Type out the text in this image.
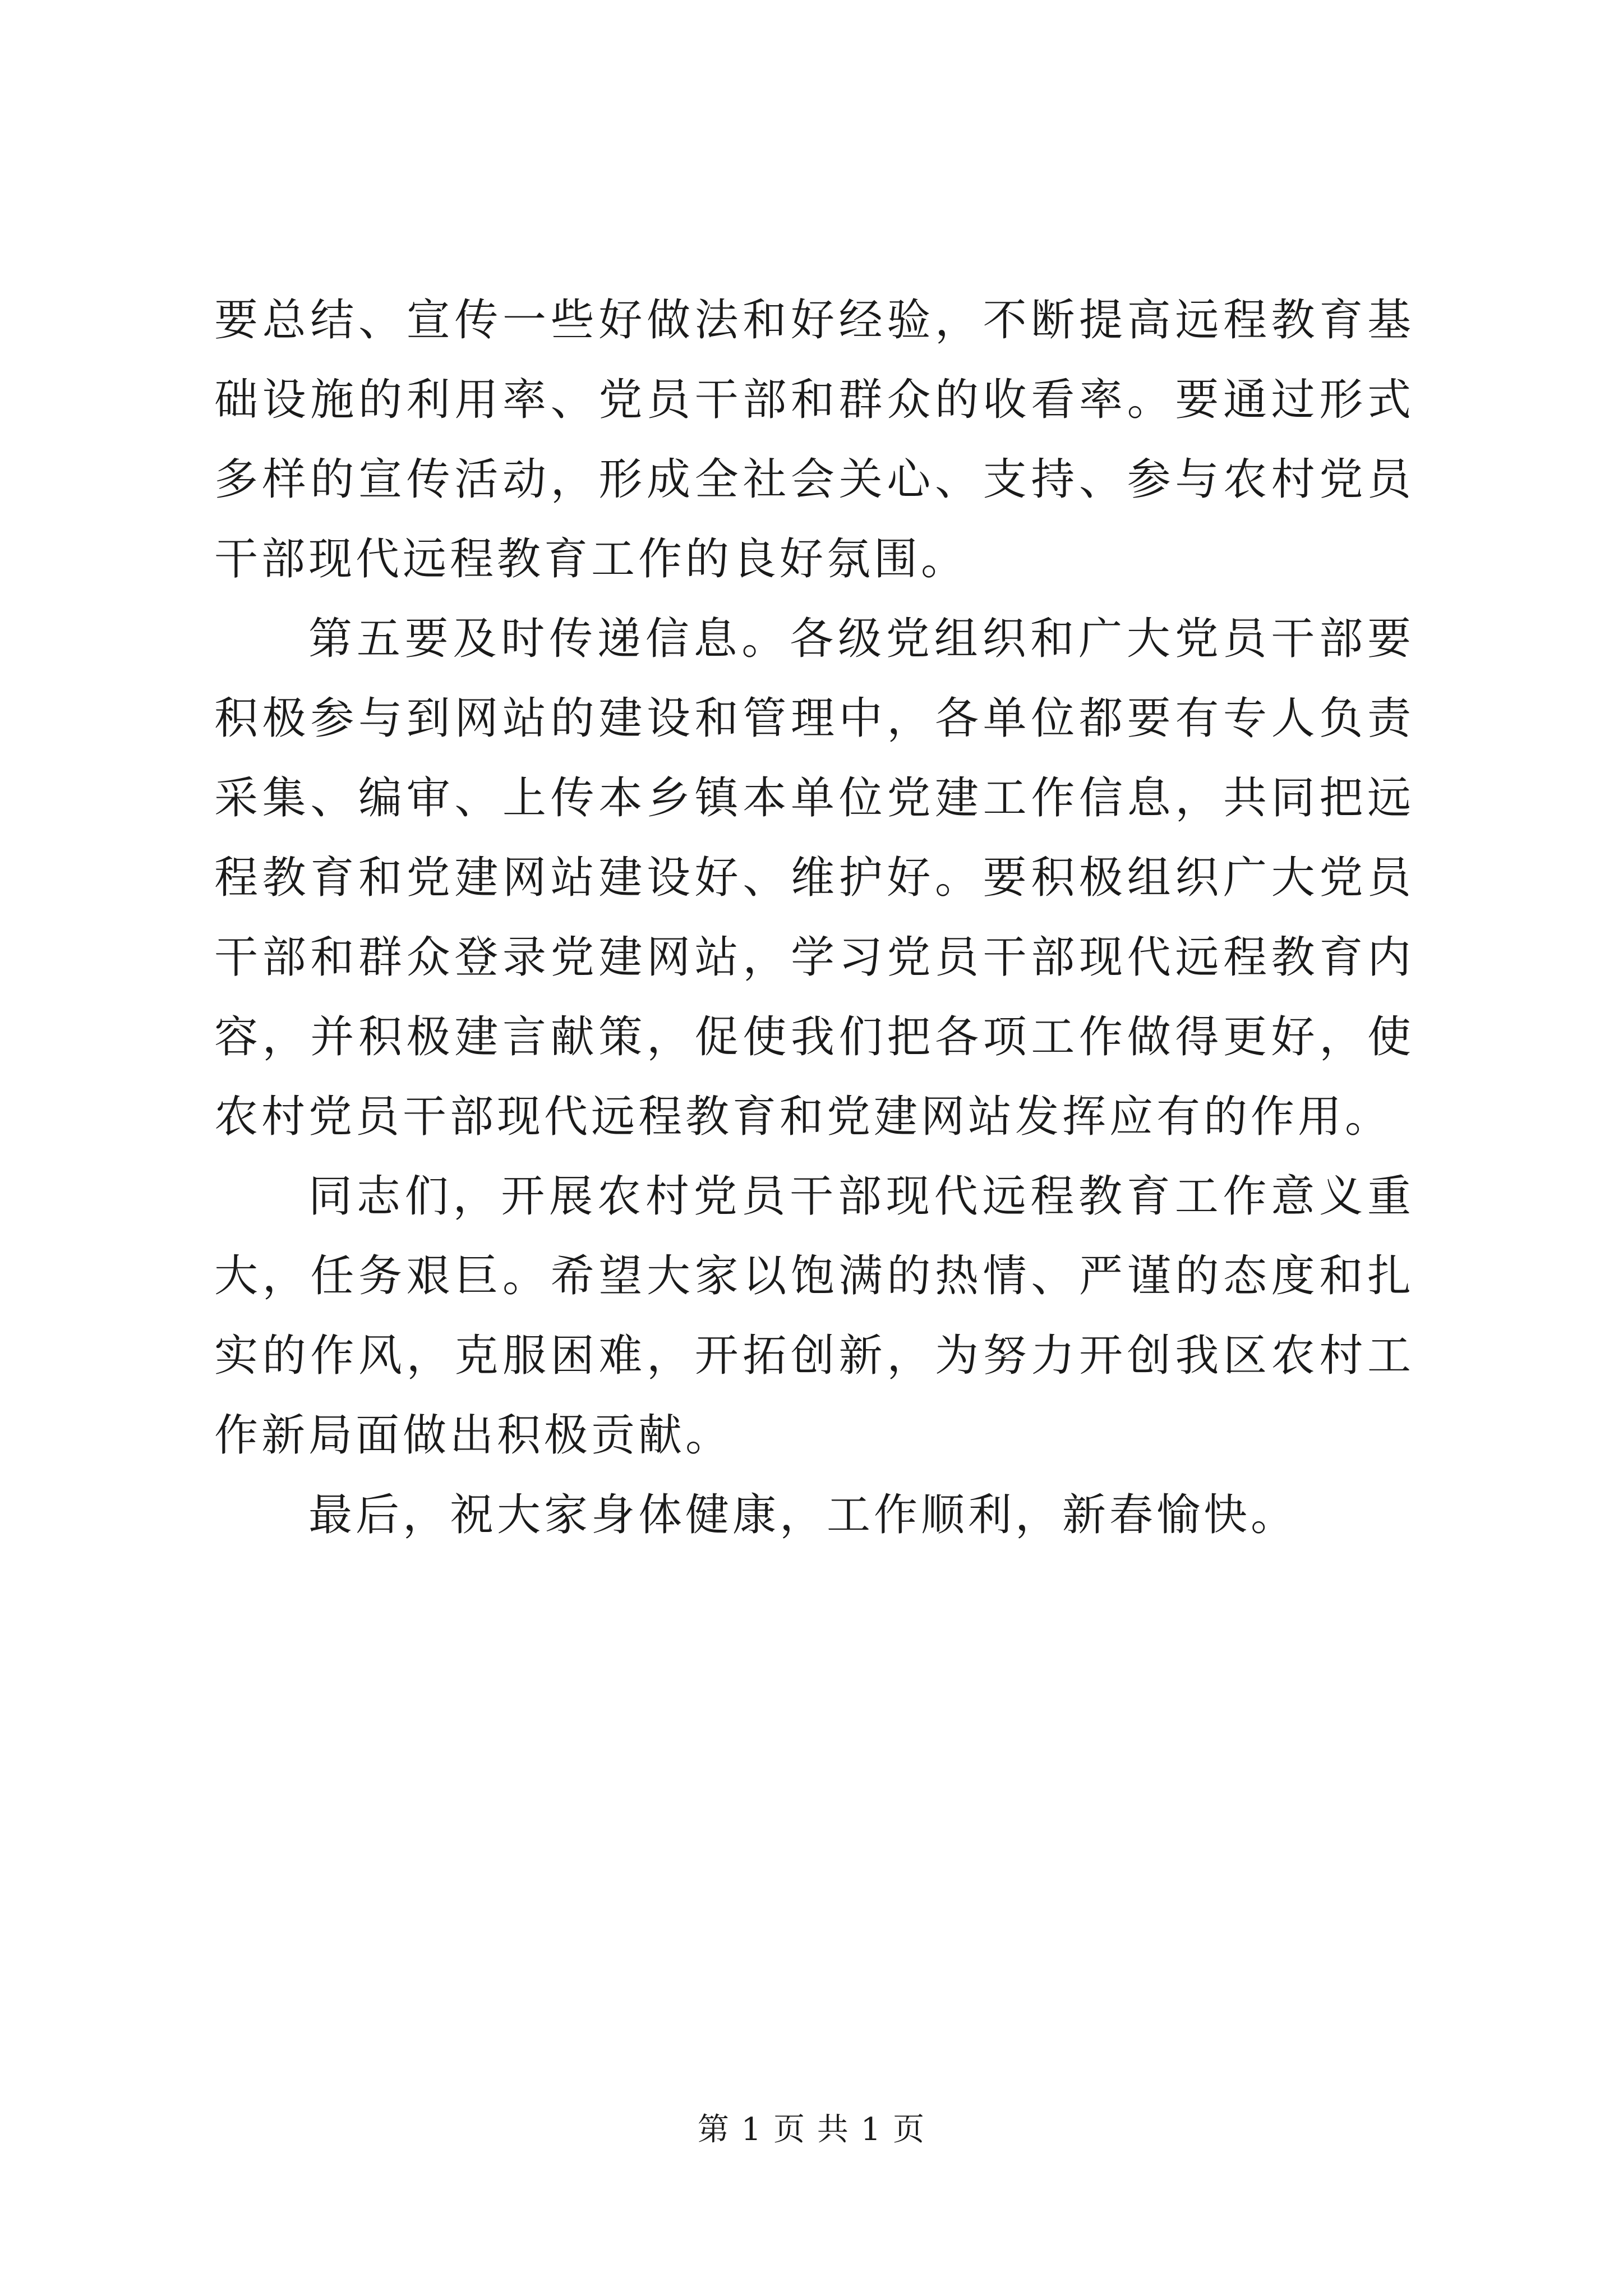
要总结、宣传一些好做法和好经验，不断提高远程教育基础设施的利用率、党员干部和群众的收看率。要通过形式多样的宣传活动，形成全社会关心、支持、参与农村党员干部现代远程教育工作的良好氛围。

第五要及时传递信息。各级党组织和广大党员干部要积极参与到网站的建设和管理中，各单位都要有专人负责采集、编审、上传本乡镇本单位党建工作信息，共同把远程教育和党建网站建设好、维护好。要积极组织广大党员干部和群众登录党建网站，学习党员干部现代远程教育内容，并积极建言献策，促使我们把各项工作做得更好，使农村党员干部现代远程教育和党建网站发挥应有的作用。

同志们，开展农村党员干部现代远程教育工作意义重大，任务艰巨。希望大家以饱满的热情、严谨的态度和扎实的作风，克服困难，开拓创新，为努力开创我区农村工作新局面做出积极贡献。

最后，祝大家身体健康，工作顺利，新春愉快。

第 1 页 共 1 页
